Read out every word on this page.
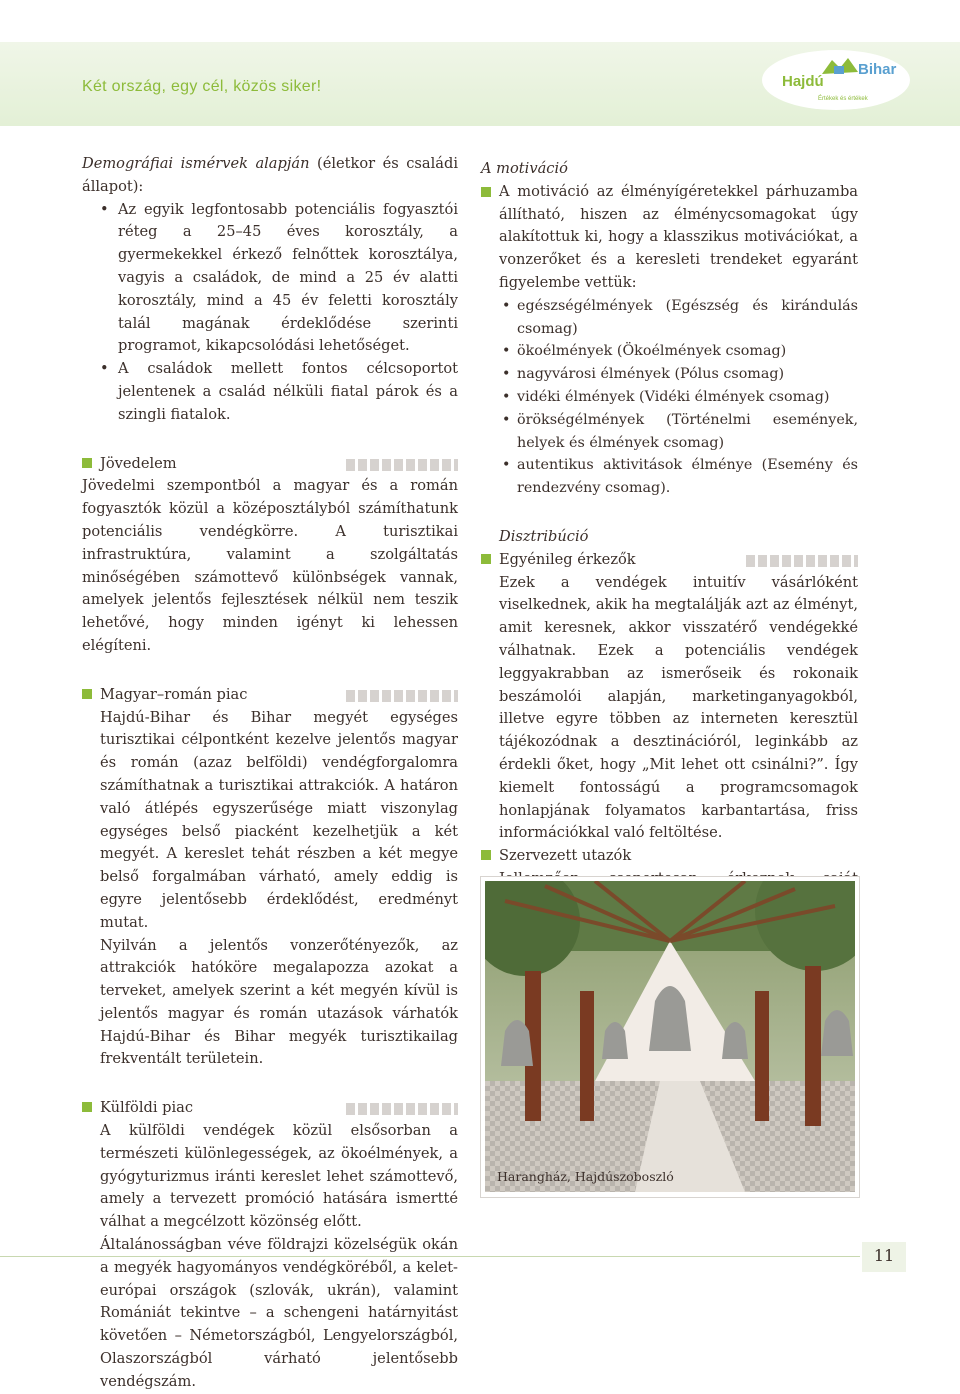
Két ország, egy cél, közös siker!	Hajdú
Bihar
Értékek és értékek

Demográfiai ismérvek alapján (életkor és családi állapot):

• Az egyik legfontosabb potenciális fogyasztói réteg a 25–45 éves korosztály, a gyermekekkel érkező felnőttek korosztálya, vagyis a családok, de mind a 25 év alatti korosztály, mind a 45 év feletti korosztály talál magának érdeklődése szerinti programot, kikapcsolódási lehetőséget.
• A családok mellett fontos célcsoportot jelentenek a család nélküli fiatal párok és a szingli fiatalok.
Jövedelem

Jövedelmi szempontból a magyar és a román fogyasztók közül a középosztályból számíthatunk potenciális vendégkörre. A turisztikai infrastruktúra, valamint a szolgáltatás minőségében számottevő különbségek vannak, amelyek jelentős fejlesztések nélkül nem teszik lehetővé, hogy minden igényt ki lehessen elégíteni.

Magyar–román piac

Hajdú-Bihar és Bihar megyét egységes turisztikai célpontként kezelve jelentős magyar és román (azaz belföldi) vendégforgalomra számíthatnak a turisztikai attrakciók. A határon való átlépés egyszerűsége miatt viszonylag egységes belső piacként kezelhetjük a két megyét. A kereslet tehát részben a két megye belső forgalmában várható, amely eddig is egyre jelentősebb érdeklődést, eredményt mutat.

Nyilván a jelentős vonzerőtényezők, az attrakciók hatóköre megalapozza azokat a terveket, amelyek szerint a két megyén kívül is jelentős magyar és román utazások várhatók Hajdú-Bihar és Bihar megyék turisztikailag frekventált területein.

Külföldi piac

A külföldi vendégek közül elsősorban a természeti különlegességek, az ökoélmények, a gyógyturizmus iránti kereslet lehet számottevő, amely a tervezett promóció hatására ismertté válhat a megcélzott közönség előtt.

Általánosságban véve földrajzi közelségük okán a megyék hagyományos vendégköréből, a kelet-európai országok (szlovák, ukrán), valamint Romániát tekintve – a schengeni határnyitást követően – Németországból, Lengyelországból, Olaszországból várható jelentősebb vendégszám.

A motiváció

A motiváció az élményígéretekkel párhuzamba állítható, hiszen az élménycsomagokat úgy alakítottuk ki, hogy a klasszikus motivációkat, a vonzerőket és a keresleti trendeket egyaránt figyelembe vettük:

• egészségélmények (Egészség és kirándulás csomag)
• ökoélmények (Ökoélmények csomag)
• nagyvárosi élmények (Pólus csomag)
• vidéki élmények (Vidéki élmények csomag)
• örökségélmények (Történelmi események, helyek és élmények csomag)
• autentikus aktivitások élménye (Esemény és rendezvény csomag).

Disztribúció

Egyénileg érkezők

Ezek a vendégek intuitív vásárlóként viselkednek, akik ha megtalálják azt az élményt, amit keresnek, akkor visszatérő vendégekké válhatnak. Ezek a potenciális vendégek leggyakrabban az ismerőseik és rokonaik beszámolói alapján, marketinganyagokból, illetve egyre többen az interneten keresztül tájékozódnak a desztinációról, leginkább az érdekli őket, hogy „Mit lehet ott csinálni?”. Így kiemelt fontosságú a programcsomagok honlapjának folyamatos karbantartása, friss információkkal való feltöltése.

Szervezett utazók

Harangház, Hajdúszoboszló
11
